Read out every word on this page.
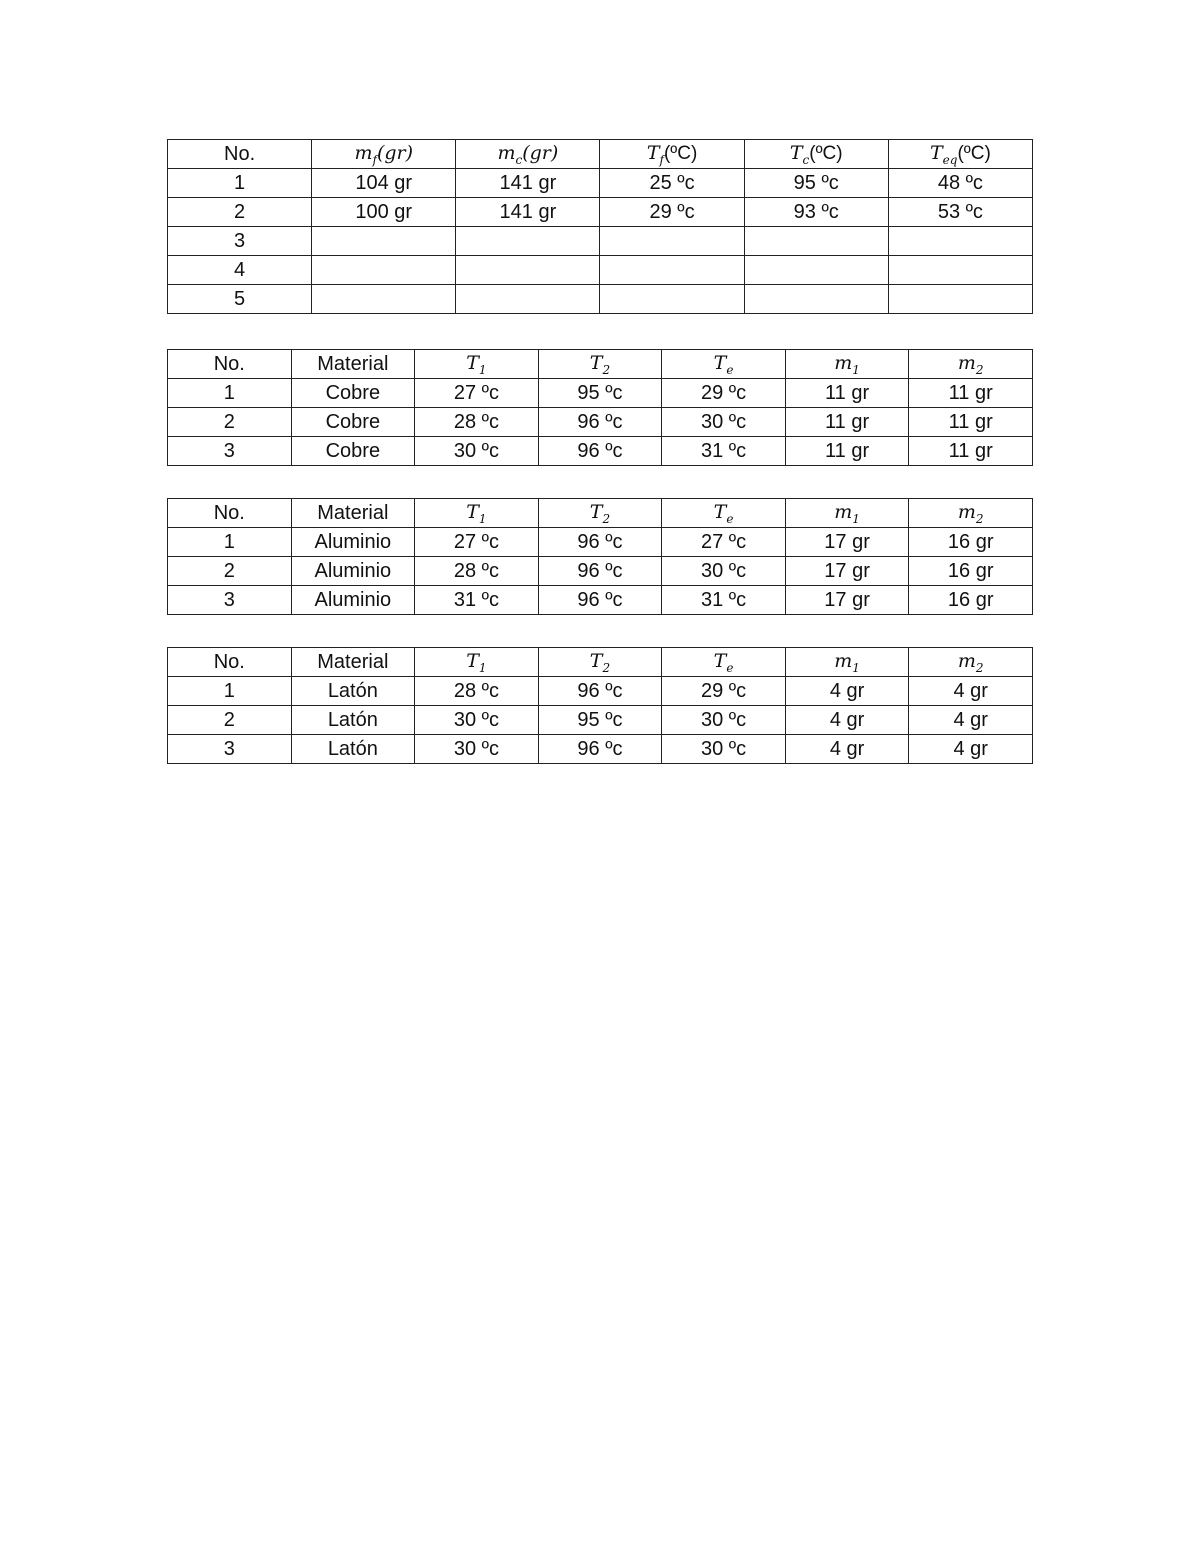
No.	$m_f(gr)$	$m_c(gr)$	$T_f(ºC)$	$T_c(ºC)$	$T_{eq}(ºC)$
1	104 gr	141 gr	25 ºc	95 ºc	48 ºc
2	100 gr	141 gr	29 ºc	93 ºc	53 ºc
3					
4					
5					
No.	Material	$T_1$	$T_2$	$T_e$	$m_1$	$m_2$
1	Cobre	27 ºc	95 ºc	29 ºc	11 gr	11 gr
2	Cobre	28 ºc	96 ºc	30 ºc	11 gr	11 gr
3	Cobre	30 ºc	96 ºc	31 ºc	11 gr	11 gr
No.	Material	$T_1$	$T_2$	$T_e$	$m_1$	$m_2$
1	Aluminio	27 ºc	96 ºc	27 ºc	17 gr	16 gr
2	Aluminio	28 ºc	96 ºc	30 ºc	17 gr	16 gr
3	Aluminio	31 ºc	96 ºc	31 ºc	17 gr	16 gr
No.	Material	$T_1$	$T_2$	$T_e$	$m_1$	$m_2$
1	Latón	28 ºc	96 ºc	29 ºc	4 gr	4 gr
2	Latón	30 ºc	95 ºc	30 ºc	4 gr	4 gr
3	Latón	30 ºc	96 ºc	30 ºc	4 gr	4 gr
